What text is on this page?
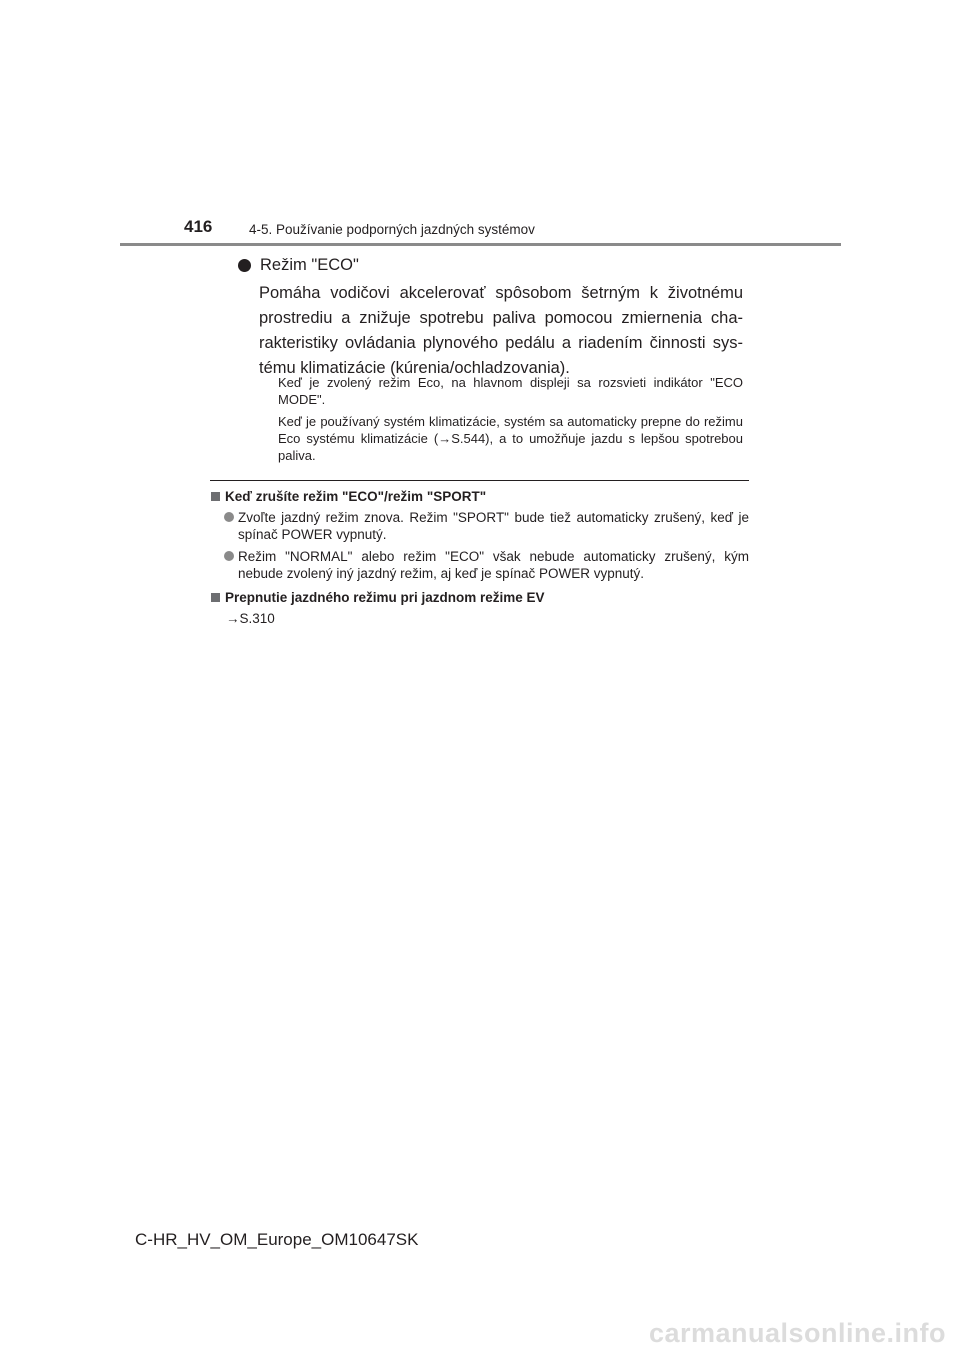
416	4-5. Používanie podporných jazdných systémov
Režim "ECO"

Pomáha vodičovi akcelerovať spôsobom šetrným k životnému prostrediu a znižuje spotrebu paliva pomocou zmiernenia cha-rakteristiky ovládania plynového pedálu a riadením činnosti sys-tému klimatizácie (kúrenia/ochladzovania).

Keď je zvolený režim Eco, na hlavnom displeji sa rozsvieti indikátor "ECO MODE".

Keď je používaný systém klimatizácie, systém sa automaticky prepne do režimu Eco systému klimatizácie (→S.544), a to umožňuje jazdu s lepšou spotrebou paliva.

Keď zrušíte režim "ECO"/režim "SPORT"

Zvoľte jazdný režim znova. Režim "SPORT" bude tiež automaticky zrušený, keď je spínač POWER vypnutý.

Režim "NORMAL" alebo režim "ECO" však nebude automaticky zrušený, kým nebude zvolený iný jazdný režim, aj keď je spínač POWER vypnutý.

Prepnutie jazdného režimu pri jazdnom režime EV
→S.310
C-HR_HV_OM_Europe_OM10647SK
carmanualsonline.info
